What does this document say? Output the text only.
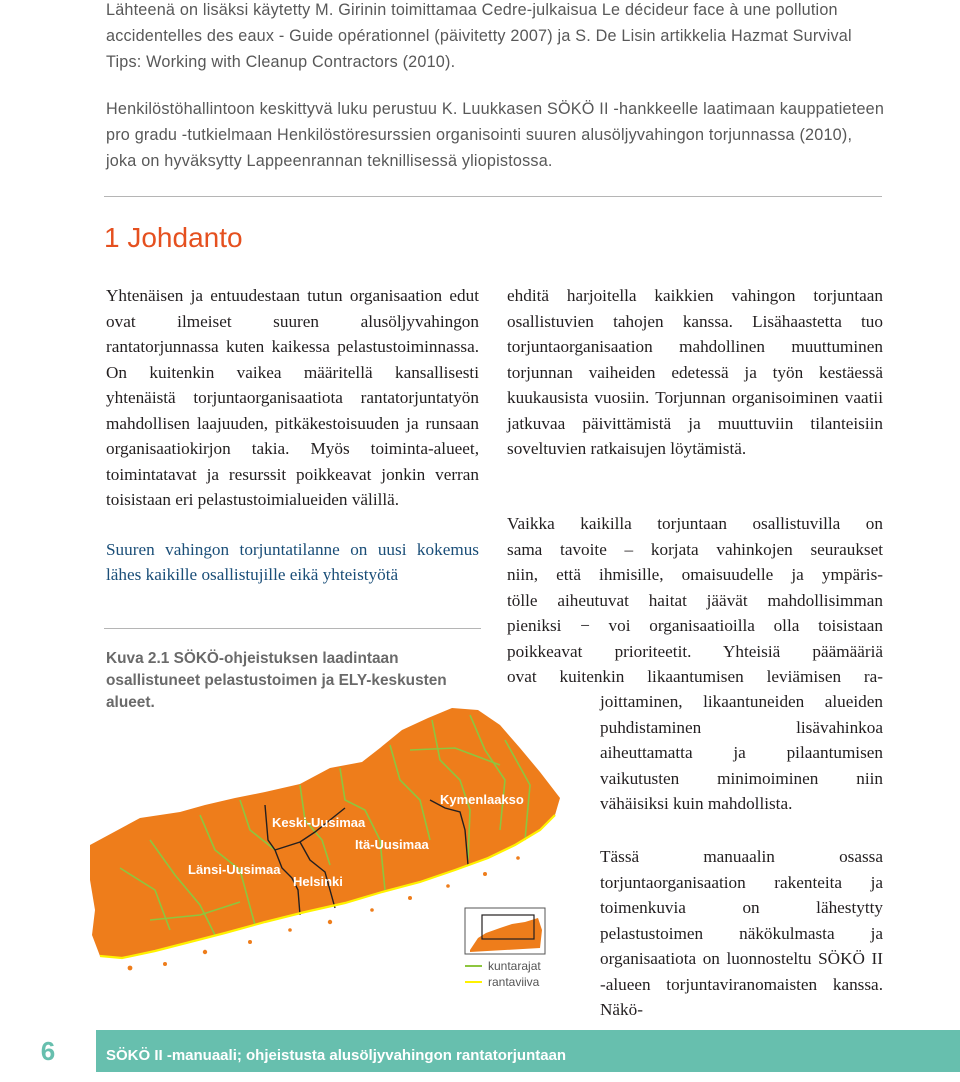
Lähteenä on lisäksi käytetty M. Girinin toimittamaa Cedre-julkaisua Le décideur face à une pollution accidentelles des eaux - Guide opérationnel (päivitetty 2007) ja S. De Lisin artikkelia Hazmat Survival Tips: Working with Cleanup Contractors (2010).

Henkilöstöhallintoon keskittyvä luku perustuu K. Luukkasen SÖKÖ II -hankkeelle laatimaan kauppatieteen pro gradu -tutkielmaan Henkilöstöresurssien organisointi suuren alusöljyvahingon torjunnassa (2010), joka on hyväksytty Lappeenrannan teknillisessä yliopistossa.

1 Johdanto

Yhtenäisen ja entuudestaan tutun organisaation edut ovat ilmeiset suuren alusöljyvahingon rantatorjunnassa kuten kaikessa pelastustoiminnassa. On kuitenkin vaikea määritellä kansallisesti yhtenäistä torjuntaorganisaatiota rantatorjuntatyön mahdollisen laajuuden, pitkäkestoisuuden ja runsaan organisaatiokirjon takia. Myös toiminta-alueet, toimintatavat ja resurssit poikkeavat jonkin verran toisistaan eri pelastustoimialueiden välillä.

Suuren vahingon torjuntatilanne on uusi kokemus lähes kaikille osallistujille eikä yhteistyötä

Kuva 2.1 SÖKÖ-ohjeistuksen laadintaan osallistuneet pelastustoimen ja ELY-keskusten alueet.

Kymenlaakso
Keski-Uusimaa
Itä-Uusimaa
Länsi-Uusimaa
Helsinki
kuntarajat
rantaviiva

ehditä harjoitella kaikkien vahingon torjuntaan osallistuvien tahojen kanssa. Lisähaastetta tuo torjuntaorganisaation mahdollinen muuttuminen torjunnan vaiheiden edetessä ja työn kestäessä kuukausista vuosiin. Torjunnan organisoiminen vaatii jatkuvaa päivittämistä ja muuttuviin tilanteisiin soveltuvien ratkaisujen löytämistä.

Vaikka kaikilla torjuntaan osallistuvilla on
sama tavoite – korjata vahinkojen seuraukset
niin, että ihmisille, omaisuudelle ja ympäris-
tölle aiheutuvat haitat jäävät mahdollisimman
pieniksi − voi organisaatioilla olla toisistaan
poikkeavat prioriteetit. Yhteisiä päämääriä
ovat kuitenkin likaantumisen leviämisen ra-

joittaminen, likaantuneiden alueiden puhdistaminen lisävahinkoa aiheuttamatta ja pilaantumisen vaikutusten minimoiminen niin vähäisiksi kuin mahdollista.

Tässä manuaalin osassa torjuntaorganisaation rakenteita ja toimenkuvia on lähestytty pelastustoimen näkökulmasta ja organisaatiota on luonnosteltu SÖKÖ II -alueen torjuntaviranomaisten kanssa. Näkö-

6	SÖKÖ II -manuaali; ohjeistusta alusöljyvahingon rantatorjuntaan
